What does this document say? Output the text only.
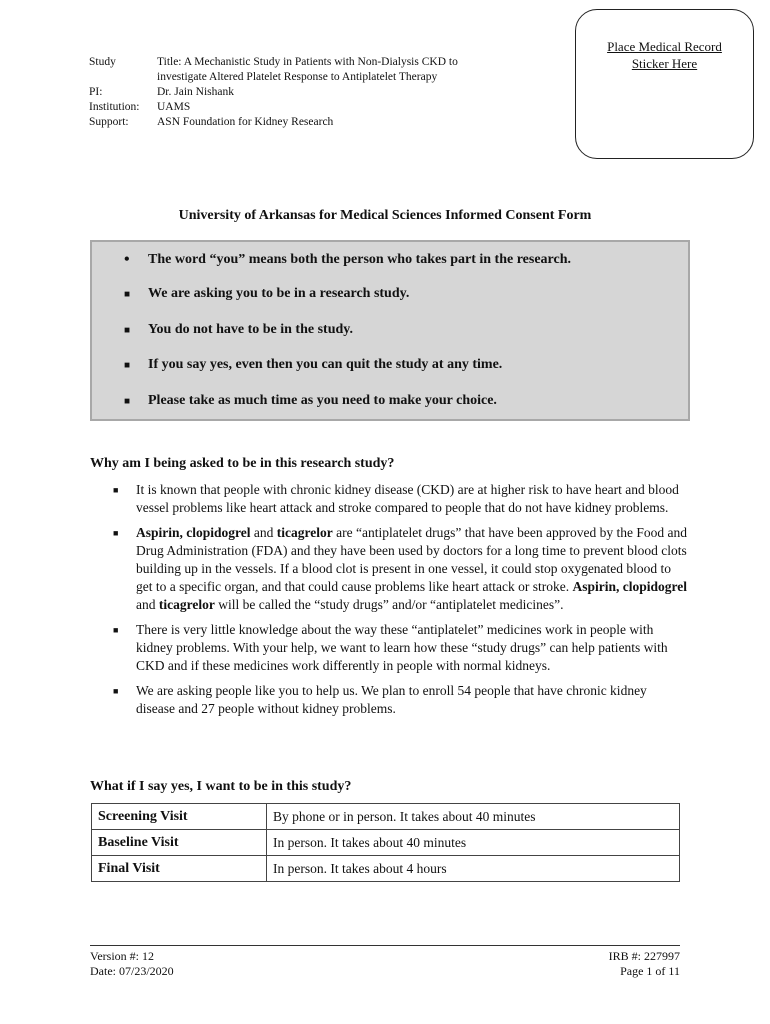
Study	Title: A Mechanistic Study in Patients with Non-Dialysis CKD to
investigate Altered Platelet Response to Antiplatelet Therapy
PI:	Dr. Jain Nishank
Institution:	UAMS
Support:	ASN Foundation for Kidney Research
Place Medical Record
Sticker Here
University of Arkansas for Medical Sciences Informed Consent Form
•	The word “you” means both the person who takes part in the research.
■	We are asking you to be in a research study.
■	You do not have to be in the study.
■	If you say yes, even then you can quit the study at any time.
■	Please take as much time as you need to make your choice.
Why am I being asked to be in this research study?
■	It is known that people with chronic kidney disease (CKD) are at higher risk to have heart and blood vessel problems like heart attack and stroke compared to people that do not have kidney problems.
■	Aspirin, clopidogrel and ticagrelor are “antiplatelet drugs” that have been approved by the Food and Drug Administration (FDA) and they have been used by doctors for a long time to prevent blood clots building up in the vessels. If a blood clot is present in one vessel, it could stop oxygenated blood to get to a specific organ, and that could cause problems like heart attack or stroke. Aspirin, clopidogrel and ticagrelor will be called the “study drugs” and/or “antiplatelet medicines”.
■	There is very little knowledge about the way these “antiplatelet” medicines work in people with kidney problems. With your help, we want to learn how these “study drugs” can help patients with CKD and if these medicines work differently in people with normal kidneys.
■	We are asking people like you to help us. We plan to enroll 54 people that have chronic kidney disease and 27 people without kidney problems.
What if I say yes, I want to be in this study?
Screening Visit	By phone or in person. It takes about 40 minutes
Baseline Visit	In person. It takes about 40 minutes
Final Visit	In person. It takes about 4 hours
Version #: 12
Date: 07/23/2020
IRB #: 227997
Page 1 of 11
